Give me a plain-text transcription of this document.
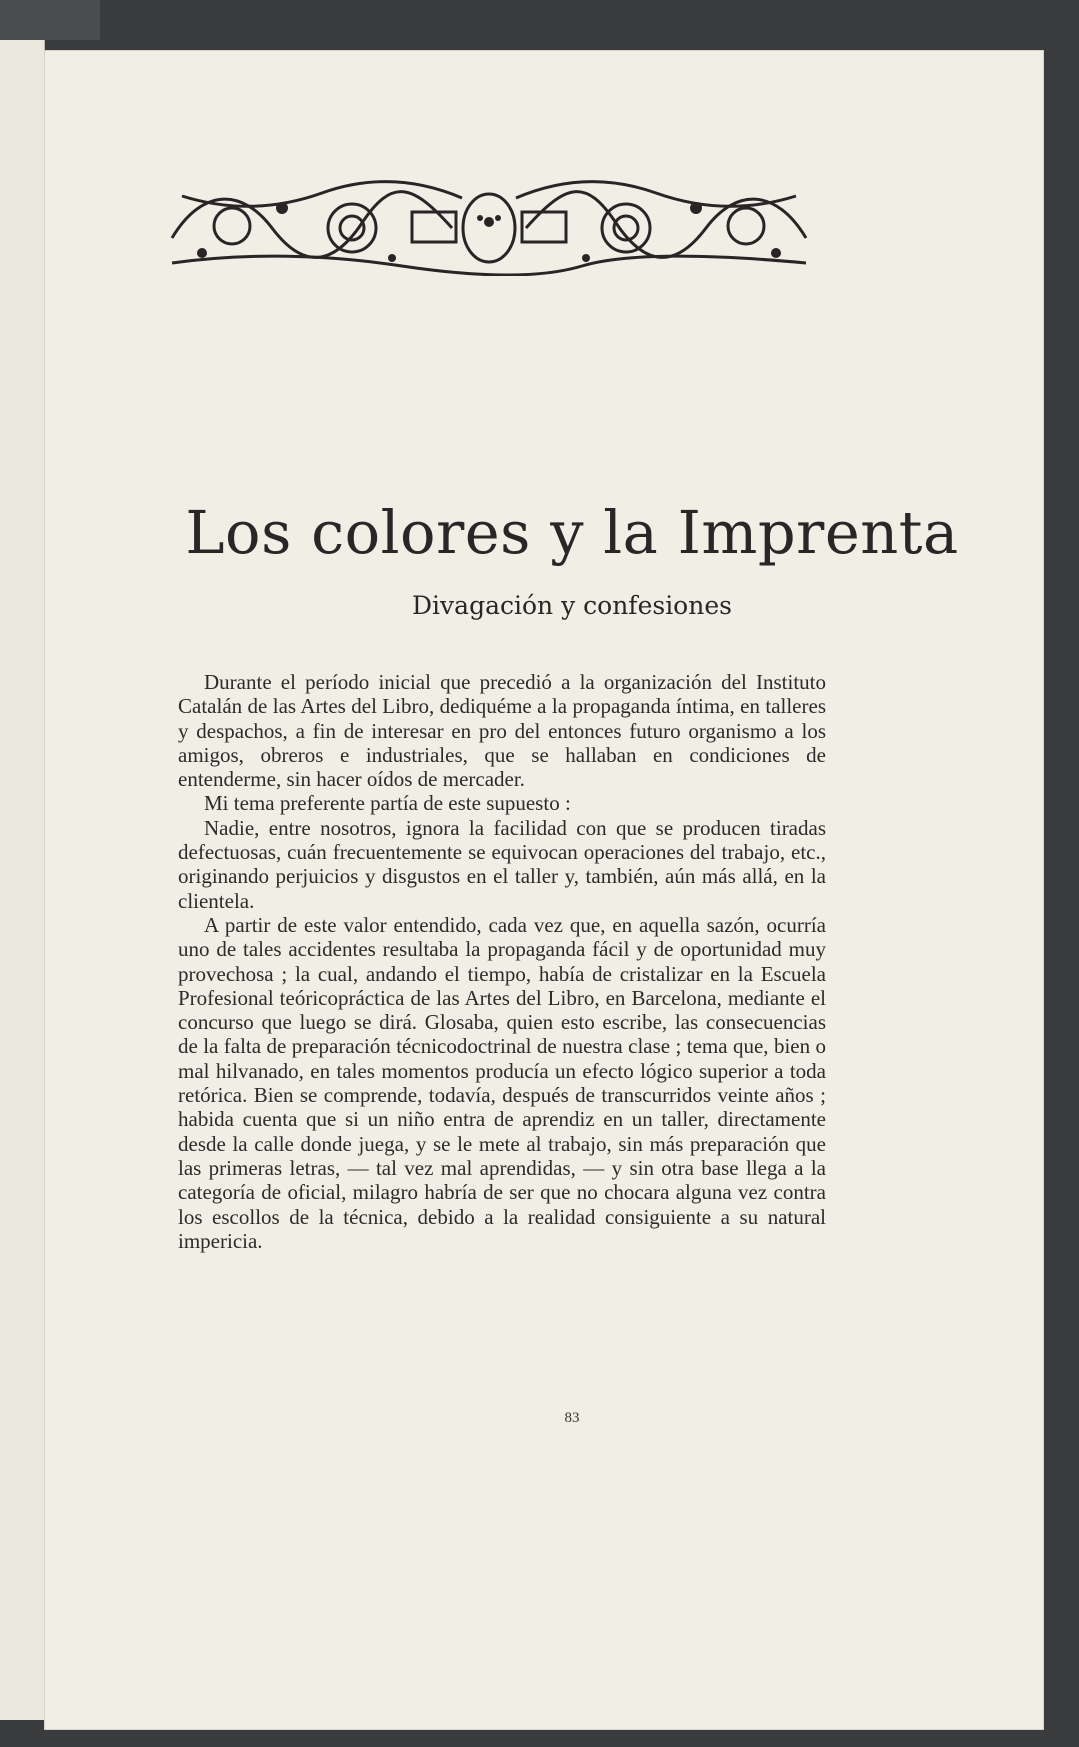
Los colores y la Imprenta
Divagación y confesiones

Durante el período inicial que precedió a la organización del Instituto Catalán de las Artes del Libro, dediquéme a la propaganda íntima, en talleres y despachos, a fin de interesar en pro del entonces futuro organismo a los amigos, obreros e industriales, que se hallaban en condiciones de entenderme, sin hacer oídos de mercader.

Mi tema preferente partía de este supuesto :

Nadie, entre nosotros, ignora la facilidad con que se producen tiradas defectuosas, cuán frecuentemente se equivocan operaciones del trabajo, etc., originando perjuicios y disgustos en el taller y, también, aún más allá, en la clientela.

A partir de este valor entendido, cada vez que, en aquella sazón, ocurría uno de tales accidentes resultaba la propaganda fácil y de oportunidad muy provechosa ; la cual, andando el tiempo, había de cristalizar en la Escuela Profesional teóricopráctica de las Artes del Libro, en Barcelona, mediante el concurso que luego se dirá. Glosaba, quien esto escribe, las consecuencias de la falta de preparación técnicodoctrinal de nuestra clase ; tema que, bien o mal hilvanado, en tales momentos producía un efecto lógico superior a toda retórica. Bien se comprende, todavía, después de transcurridos veinte años ; habida cuenta que si un niño entra de aprendiz en un taller, directamente desde la calle donde juega, y se le mete al trabajo, sin más preparación que las primeras letras, — tal vez mal aprendidas, — y sin otra base llega a la categoría de oficial, milagro habría de ser que no chocara alguna vez contra los escollos de la técnica, debido a la realidad consiguiente a su natural impericia.

83
